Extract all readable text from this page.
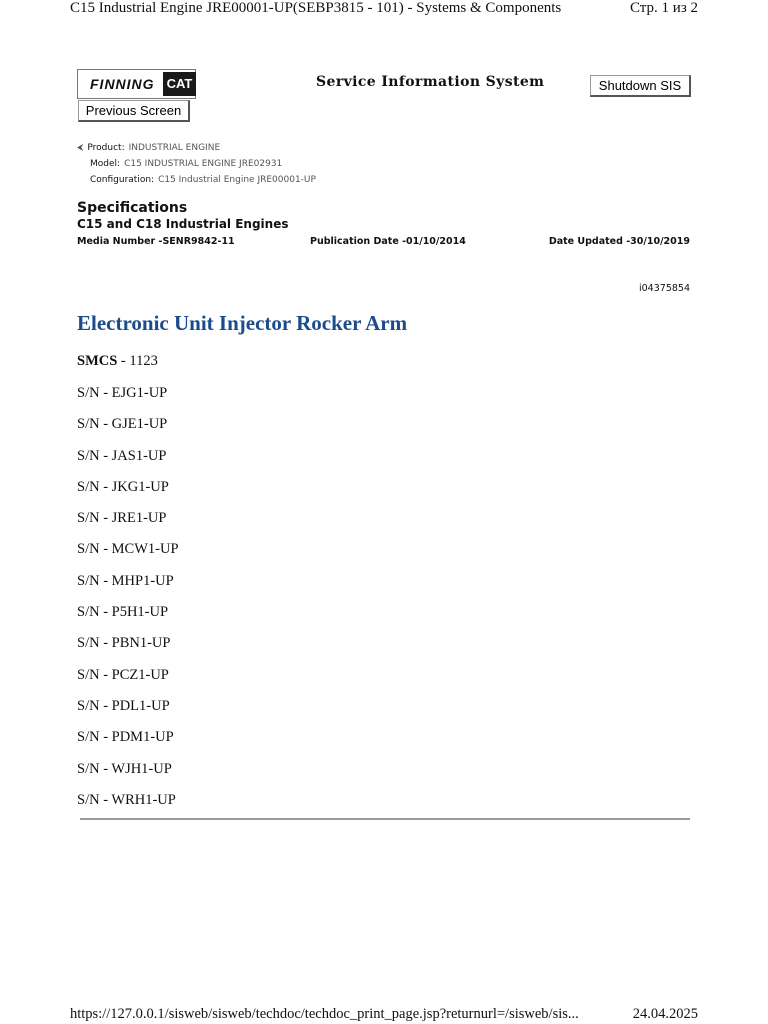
C15 Industrial Engine JRE00001-UP(SEBP3815 - 101) - Systems & Components	Стр. 1 из 2
FINNING CAT	Service Information System	Shutdown SIS
Previous Screen
⮜ Product: INDUSTRIAL ENGINE
Model: C15 INDUSTRIAL ENGINE JRE02931
Configuration: C15 Industrial Engine JRE00001-UP
Specifications
C15 and C18 Industrial Engines
Media Number -SENR9842-11	Publication Date -01/10/2014	Date Updated -30/10/2019
i04375854
Electronic Unit Injector Rocker Arm
SMCS - 1123
S/N - EJG1-UP
S/N - GJE1-UP
S/N - JAS1-UP
S/N - JKG1-UP
S/N - JRE1-UP
S/N - MCW1-UP
S/N - MHP1-UP
S/N - P5H1-UP
S/N - PBN1-UP
S/N - PCZ1-UP
S/N - PDL1-UP
S/N - PDM1-UP
S/N - WJH1-UP
S/N - WRH1-UP
https://127.0.0.1/sisweb/sisweb/techdoc/techdoc_print_page.jsp?returnurl=/sisweb/sis...	24.04.2025
